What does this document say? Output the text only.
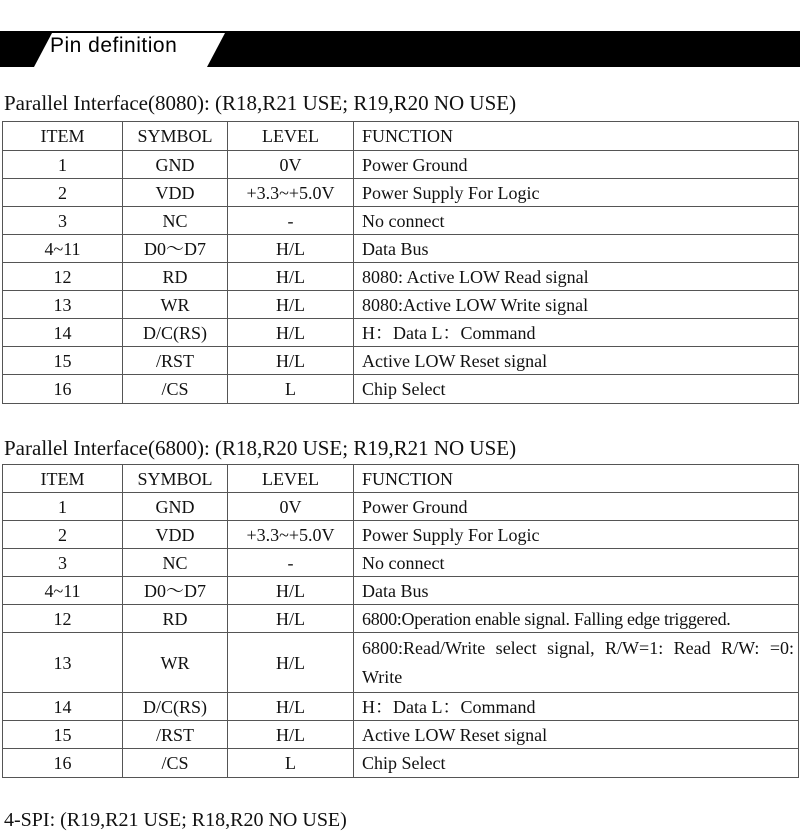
Pin definition
Parallel Interface(8080): (R18,R21 USE; R19,R20 NO USE)
ITEM	SYMBOL	LEVEL	FUNCTION
1	GND	0V	Power Ground
2	VDD	+3.3~+5.0V	Power Supply For Logic
3	NC	-	No connect
4~11	D0～D7	H/L	Data Bus
12	RD	H/L	8080: Active LOW Read signal
13	WR	H/L	8080:Active LOW Write signal
14	D/C(RS)	H/L	H：Data L：Command
15	/RST	H/L	Active LOW Reset signal
16	/CS	L	Chip Select
Parallel Interface(6800): (R18,R20 USE; R19,R21 NO USE)
ITEM	SYMBOL	LEVEL	FUNCTION
1	GND	0V	Power Ground
2	VDD	+3.3~+5.0V	Power Supply For Logic
3	NC	-	No connect
4~11	D0～D7	H/L	Data Bus
12	RD	H/L	6800:Operation enable signal. Falling edge triggered.
13	WR	H/L	6800:Read/Write select signal, R/W=1: Read R/W: =0: Write
14	D/C(RS)	H/L	H：Data L：Command
15	/RST	H/L	Active LOW Reset signal
16	/CS	L	Chip Select
4-SPI: (R19,R21 USE; R18,R20 NO USE)
